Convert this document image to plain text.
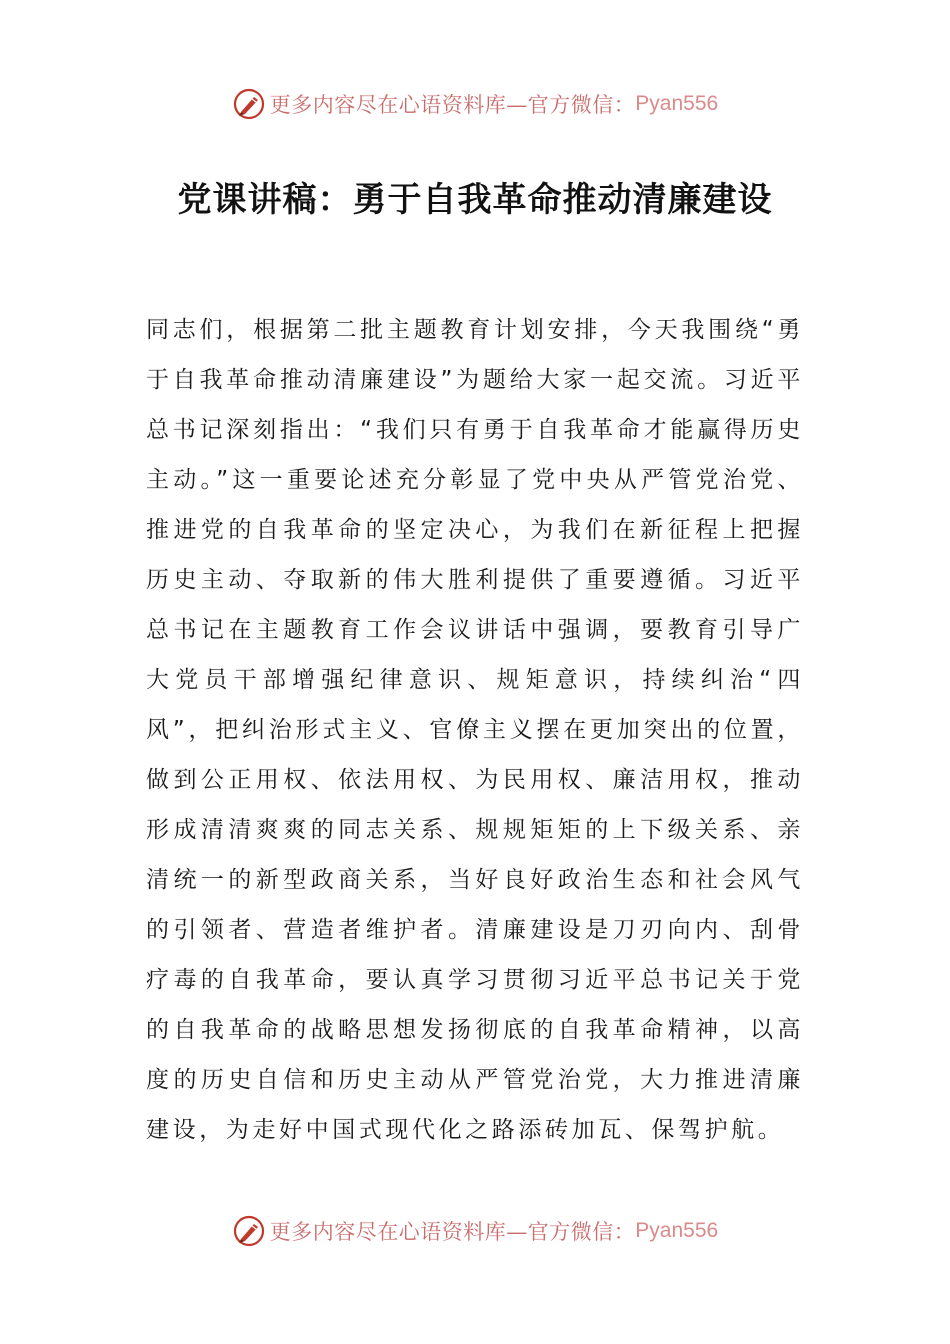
更多内容尽在心语资料库—官方微信： Pyan556
党课讲稿：勇于自我革命推动清廉建设

同志们，根据第二批主题教育计划安排，今天我围绕“勇于自我革命推动清廉建设”为题给大家一起交流。习近平总书记深刻指出：“我们只有勇于自我革命才能赢得历史主动。”这一重要论述充分彰显了党中央从严管党治党、推进党的自我革命的坚定决心，为我们在新征程上把握历史主动、夺取新的伟大胜利提供了重要遵循。习近平总书记在主题教育工作会议讲话中强调，要教育引导广大党员干部增强纪律意识、规矩意识，持续纠治“四风”，把纠治形式主义、官僚主义摆在更加突出的位置，做到公正用权、依法用权、为民用权、廉洁用权，推动形成清清爽爽的同志关系、规规矩矩的上下级关系、亲清统一的新型政商关系，当好良好政治生态和社会风气的引领者、营造者维护者。清廉建设是刀刃向内、刮骨疗毒的自我革命，要认真学习贯彻习近平总书记关于党的自我革命的战略思想发扬彻底的自我革命精神，以高度的历史自信和历史主动从严管党治党，大力推进清廉建设，为走好中国式现代化之路添砖加瓦、保驾护航。

更多内容尽在心语资料库—官方微信： Pyan556
